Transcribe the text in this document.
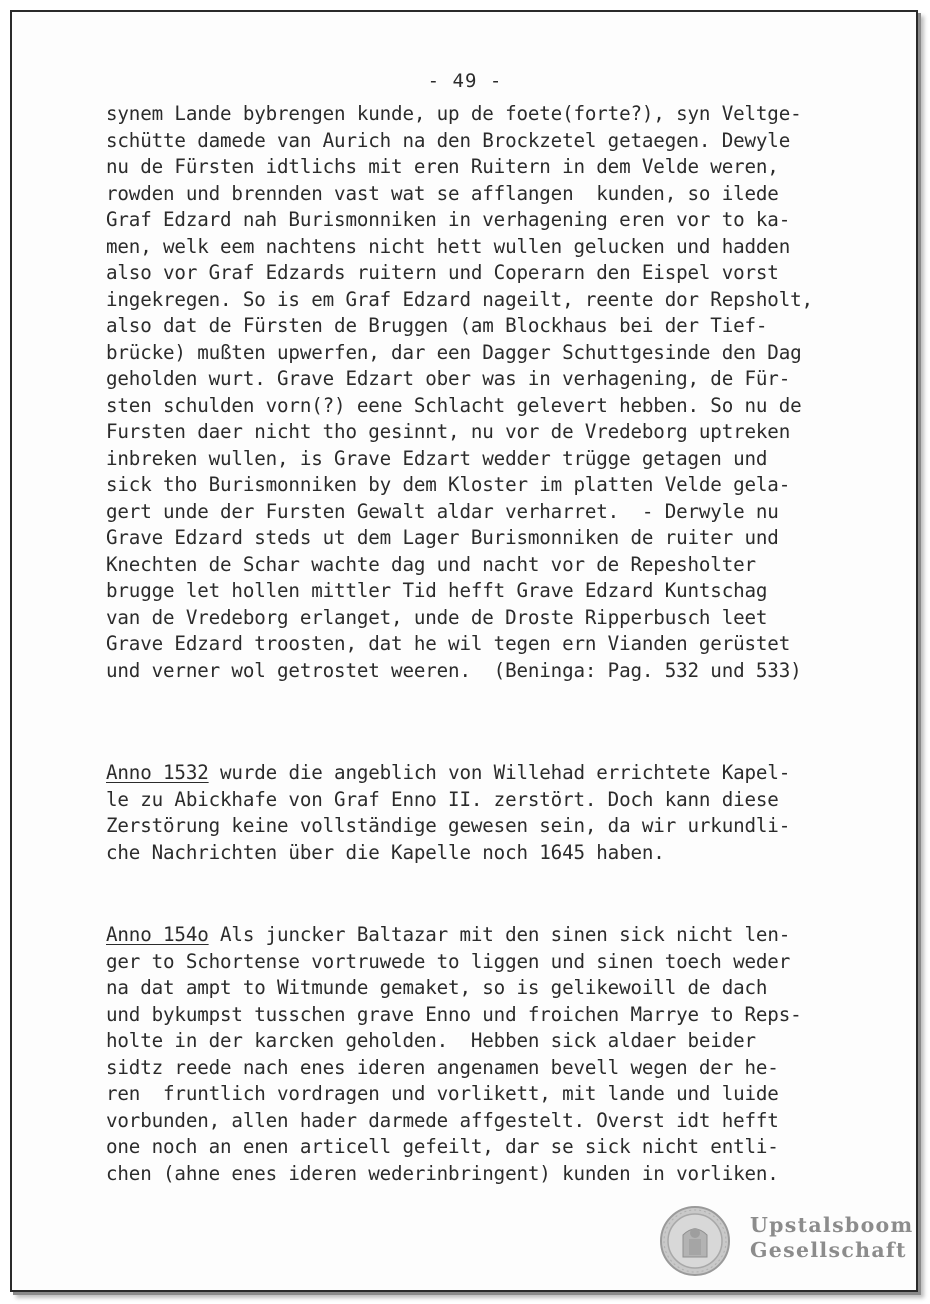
- 49 -
synem Lande bybrengen kunde, up de foete(forte?), syn Veltge-
schütte damede van Aurich na den Brockzetel getaegen. Dewyle
nu de Fürsten idtlichs mit eren Ruitern in dem Velde weren,
rowden und brennden vast wat se afflangen  kunden, so ilede
Graf Edzard nah Burismonniken in verhagening eren vor to ka-
men, welk eem nachtens nicht hett wullen gelucken und hadden
also vor Graf Edzards ruitern und Coperarn den Eispel vorst
ingekregen. So is em Graf Edzard nageilt, reente dor Repsholt,
also dat de Fürsten de Bruggen (am Blockhaus bei der Tief-
brücke) mußten upwerfen, dar een Dagger Schuttgesinde den Dag
geholden wurt. Grave Edzart ober was in verhagening, de Für-
sten schulden vorn(?) eene Schlacht gelevert hebben. So nu de
Fursten daer nicht tho gesinnt, nu vor de Vredeborg uptreken
inbreken wullen, is Grave Edzart wedder trügge getagen und
sick tho Burismonniken by dem Kloster im platten Velde gela-
gert unde der Fursten Gewalt aldar verharret.  - Derwyle nu
Grave Edzard steds ut dem Lager Burismonniken de ruiter und
Knechten de Schar wachte dag und nacht vor de Repesholter
brugge let hollen mittler Tid hefft Grave Edzard Kuntschag
van de Vredeborg erlanget, unde de Droste Ripperbusch leet
Grave Edzard troosten, dat he wil tegen ern Vianden gerüstet
und verner wol getrostet weeren.  (Beninga: Pag. 532 und 533)
Anno 1532 wurde die angeblich von Willehad errichtete Kapel-
le zu Abickhafe von Graf Enno II. zerstört. Doch kann diese
Zerstörung keine vollständige gewesen sein, da wir urkundli-
che Nachrichten über die Kapelle noch 1645 haben.
Anno 154o Als juncker Baltazar mit den sinen sick nicht len-
ger to Schortense vortruwede to liggen und sinen toech weder
na dat ampt to Witmunde gemaket, so is gelikewoill de dach
und bykumpst tusschen grave Enno und froichen Marrye to Reps-
holte in der karcken geholden.  Hebben sick aldaer beider
sidtz reede nach enes ideren angenamen bevell wegen der he-
ren  fruntlich vordragen und vorlikett, mit lande und luide
vorbunden, allen hader darmede affgestelt. Overst idt hefft
one noch an enen articell gefeilt, dar se sick nicht entli-
chen (ahne enes ideren wederinbringent) kunden in vorliken.
Upstalsboom
Gesellschaft
